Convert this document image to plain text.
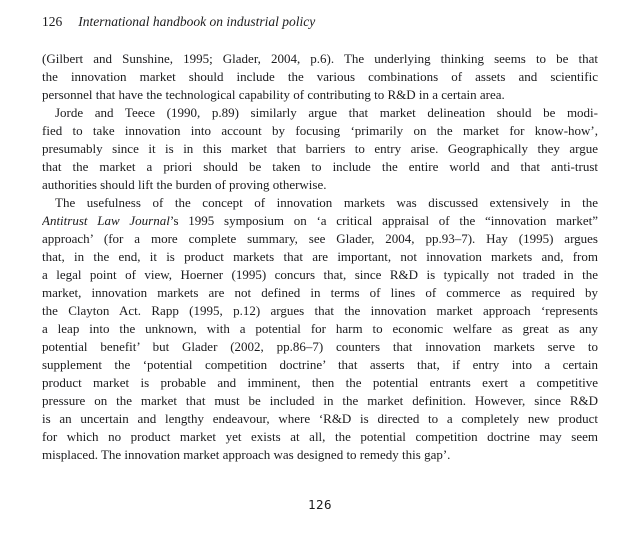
126 International handbook on industrial policy
(Gilbert and Sunshine, 1995; Glader, 2004, p.6). The underlying thinking seems to be that
the innovation market should include the various combinations of assets and scientific
personnel that have the technological capability of contributing to R&D in a certain area.
Jorde and Teece (1990, p.89) similarly argue that market delineation should be modi-
fied to take innovation into account by focusing ‘primarily on the market for know-how’,
presumably since it is in this market that barriers to entry arise. Geographically they argue
that the market a priori should be taken to include the entire world and that anti-trust
authorities should lift the burden of proving otherwise.
The usefulness of the concept of innovation markets was discussed extensively in the
Antitrust Law Journal’s 1995 symposium on ‘a critical appraisal of the “innovation market”
approach’ (for a more complete summary, see Glader, 2004, pp.93–7). Hay (1995) argues
that, in the end, it is product markets that are important, not innovation markets and, from
a legal point of view, Hoerner (1995) concurs that, since R&D is typically not traded in the
market, innovation markets are not defined in terms of lines of commerce as required by
the Clayton Act. Rapp (1995, p.12) argues that the innovation market approach ‘represents
a leap into the unknown, with a potential for harm to economic welfare as great as any
potential benefit’ but Glader (2002, pp.86–7) counters that innovation markets serve to
supplement the ‘potential competition doctrine’ that asserts that, if entry into a certain
product market is probable and imminent, then the potential entrants exert a competitive
pressure on the market that must be included in the market definition. However, since R&D
is an uncertain and lengthy endeavour, where ‘R&D is directed to a completely new product
for which no product market yet exists at all, the potential competition doctrine may seem
misplaced. The innovation market approach was designed to remedy this gap’.
126
